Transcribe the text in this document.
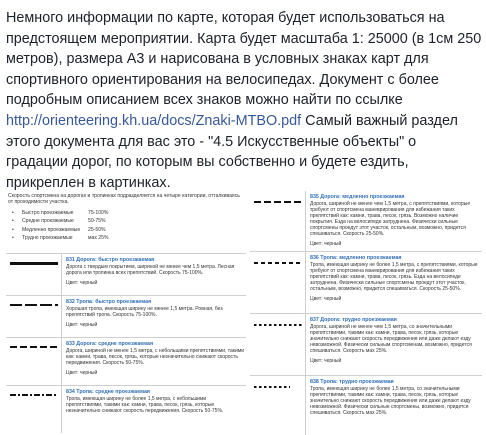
Немного информации по карте, которая будет использоваться на предстоящем мероприятии. Карта будет масштаба 1: 25000 (в 1см 250 метров), размера А3 и нарисована в условных знаках карт для спортивного ориентирования на велосипедах. Документ с более подробным описанием всех знаков можно найти по ссылке http://orienteering.kh.ua/docs/Znaki-MTBO.pdf Самый важный раздел этого документа для вас это - "4.5 Искусственные объекты" о градации дорог, по которым вы собственно и будете ездить, прикреплен в картинках.
Скорость спортсмена на дорогах и тропинках подразделяется на четыре категории, отталкиваясь от проходимости участка.
•	Быстро проезжаемые	75-100%
•	Средне проезжаемые	50-75%
•	Медленно проезжаемые	25-50%
•	Трудно проезжаемые	мах 25%
831 Дорога: быстро проезжаемая
Дорога с твердым покрытием, шириной не менее чем 1,5 метра. Лесная дорога или тропинка всех препятствий. Скорость 75-100%.
Цвет: черный
832 Тропа: быстро проезжаемая
Хорошая тропа, имеющая ширину не менее 1,5 метра. Ровная, без препятствий тропа. Скорость 75-100%.
Цвет: черный
833 Дорога: средне проезжаемая
Дорога, шириной не менее 1,5 метра, с небольшими препятствиями, такими как: камни, трава, песок, грязь, которые незначительно снижают скорость передвижения. Скорость 50-75%.
Цвет: черный
834 Тропа: средне проезжаемая
Тропа, имеющая ширину не более 1,5 метра, с небольшими препятствиями, такими как: камни, трава, песок, грязь, которые незначительно снижают скорость передвижения. Скорость 50-75%.
835 Дорога: медленно проезжаемая
Дорога, шириной не менее чем 1,5 метра, с препятствиями, которые требуют от спортсмена маневрирования для избежания таких препятствий как: камни, трава, песок, грязь. Возможно наличие покрытия. Езда на велосипеде затруднена. Физически сильные спортсмены проедут этот участок, остальным, возможно, придется спешиваться. Скорость 25-50%.
Цвет: черный
836 Тропа: медленно проезжаемая
Тропа, имеющая ширину не более 1,5 метра, с препятствиями, которые требуют от спортсмена маневрирования для избежания таких препятствий как: камни, трава, песок, грязь. Езда на велосипеде затруднена. Физически сильные спортсмены проедут этот участок, остальным, возможно, придется спешиваться. Скорость 25-50%.
Цвет: черный
837 Дорога: трудно проезжаемая
Дорога, шириной не менее чем 1,5 метра, со значительными препятствиями, такими как: камни, трава, песок, грязь, которые значительно снижают скорость передвижения или даже делают езду невозможной. Физически сильным спортсменам, возможно, придется спешиваться. Скорость мах 25%.
Цвет: черный
838 Тропа: трудно проезжаемая
Тропа, имеющая ширину не более 1,5 метра, со значительными препятствиями, такими как: камни, трава, песок, грязь, которые значительно снижают скорость передвижения или даже делают езду невозможной. Физически сильные спортсмены, возможно, придется спешиваться. Скорость мах 25%.
